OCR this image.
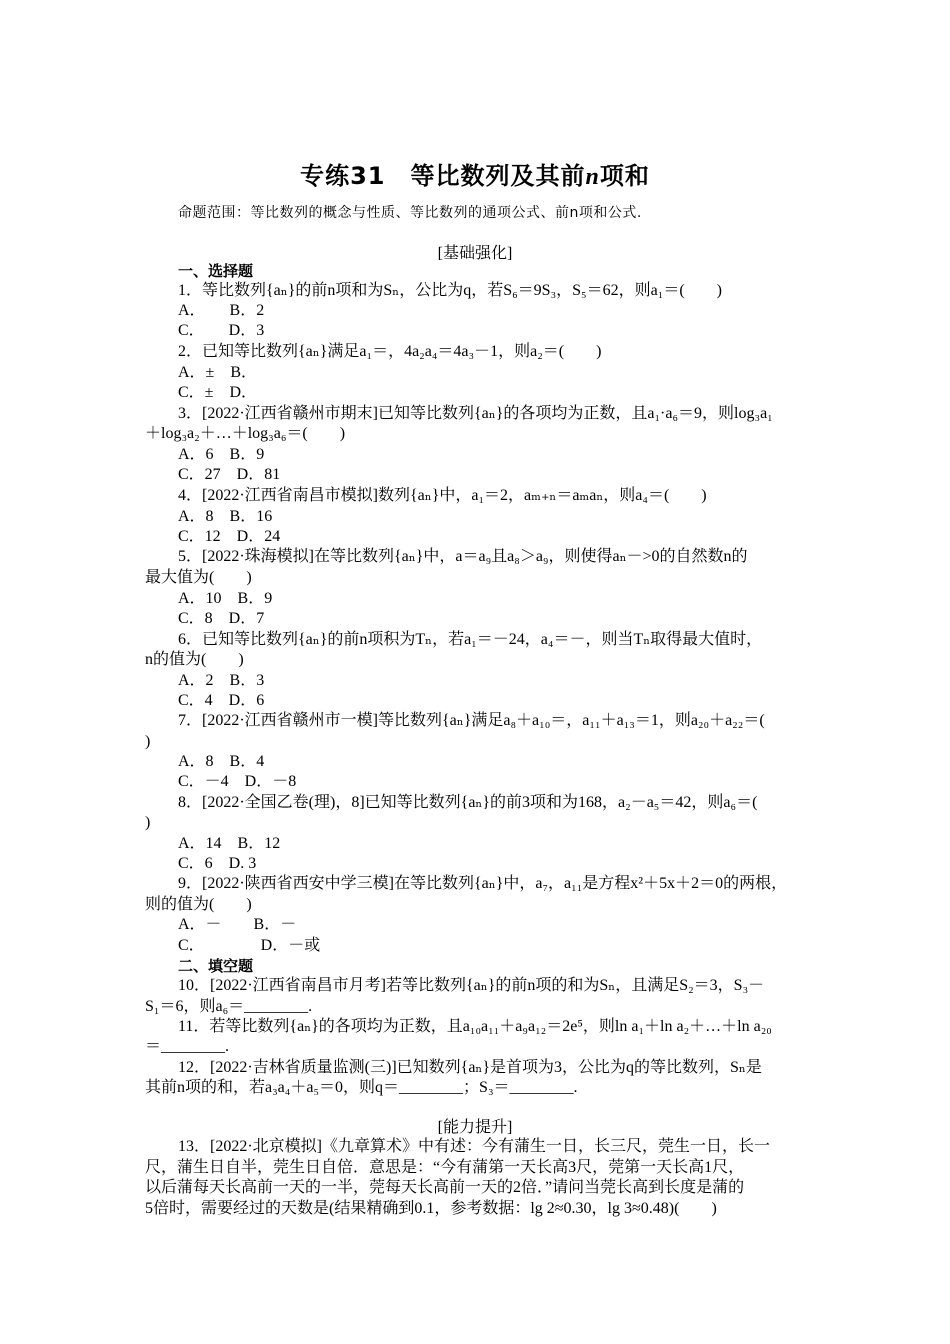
专练31　等比数列及其前n项和
命题范围：等比数列的概念与性质、等比数列的通项公式、前n项和公式.
[基础强化]
一、选择题
1．等比数列{aₙ}的前n项和为Sₙ，公比为q，若S₆＝9S₃，S₅＝62，则a₁＝(　　)
A．　　B．2
C．　　D．3
2．已知等比数列{aₙ}满足a₁＝，4a₂a₄＝4a₃－1，则a₂＝(　　)
A．±　B．
C．±　D．
3．[2022·江西省赣州市期末]已知等比数列{aₙ}的各项均为正数，且a₁·a₆＝9，则log₃a₁
＋log₃a₂＋…＋log₃a₆＝(　　)
A．6　B．9
C．27　D．81
4．[2022·江西省南昌市模拟]数列{aₙ}中，a₁＝2，aₘ₊ₙ＝aₘaₙ，则a₄＝(　　)
A．8　B．16
C．12　D．24
5．[2022·珠海模拟]在等比数列{aₙ}中，a＝a₉且a₈＞a₉，则使得aₙ－>0的自然数n的
最大值为(　　)
A．10　B．9
C．8　D．7
6．已知等比数列{aₙ}的前n项积为Tₙ，若a₁＝－24，a₄＝－，则当Tₙ取得最大值时，
n的值为(　　)
A．2　B．3
C．4　D．6
7．[2022·江西省赣州市一模]等比数列{aₙ}满足a₈＋a₁₀＝，a₁₁＋a₁₃＝1，则a₂₀＋a₂₂＝(
)
A．8　B．4
C．－4　D．－8
8．[2022·全国乙卷(理)，8]已知等比数列{aₙ}的前3项和为168，a₂－a₅＝42，则a₆＝(
)
A．14　B．12
C．6　D. 3
9．[2022·陕西省西安中学三模]在等比数列{aₙ}中，a₇，a₁₁是方程x²＋5x＋2＝0的两根，
则的值为(　　)
A．－　　B．－
C．　　　　D．－或
二、填空题
10．[2022·江西省南昌市月考]若等比数列{aₙ}的前n项的和为Sₙ，且满足S₂＝3，S₃－
S₁＝6，则a₆＝________.
11．若等比数列{aₙ}的各项均为正数，且a₁₀a₁₁＋a₉a₁₂＝2e⁵，则ln a₁＋ln a₂＋…＋ln a₂₀
＝________.
12．[2022·吉林省质量监测(三)]已知数列{aₙ}是首项为3，公比为q的等比数列，Sₙ是
其前n项的和，若a₃a₄＋a₅＝0，则q＝________；S₃＝________.
[能力提升]
13．[2022·北京模拟]《九章算术》中有述：今有蒲生一日，长三尺，莞生一日，长一
尺，蒲生日自半，莞生日自倍．意思是：“今有蒲第一天长高3尺，莞第一天长高1尺，
以后蒲每天长高前一天的一半，莞每天长高前一天的2倍．”请问当莞长高到长度是蒲的
5倍时，需要经过的天数是(结果精确到0.1，参考数据：lg 2≈0.30，lg 3≈0.48)(　　)
